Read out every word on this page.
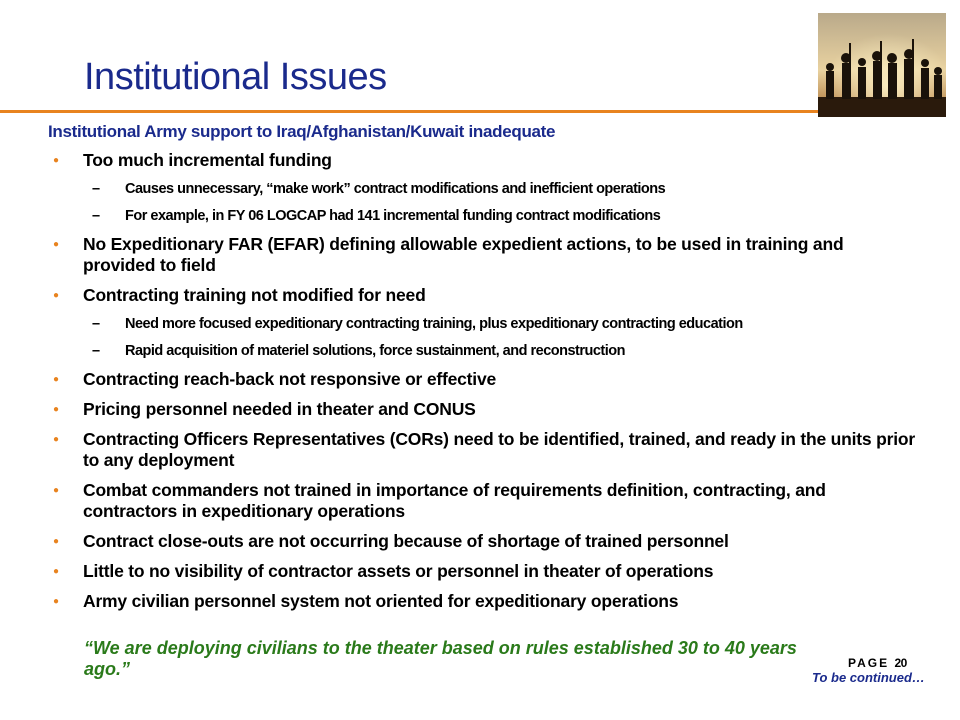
Institutional Issues
Institutional Army support to Iraq/Afghanistan/Kuwait inadequate
● Too much incremental funding
– Causes unnecessary, “make work” contract modifications and inefficient operations
– For example, in FY 06 LOGCAP had 141 incremental funding contract modifications
● No Expeditionary FAR (EFAR) defining allowable expedient actions, to be used in training and provided to field
● Contracting training not modified for need
– Need more focused expeditionary contracting training, plus expeditionary contracting education
– Rapid acquisition of materiel solutions, force sustainment, and reconstruction
● Contracting reach-back not responsive or effective
● Pricing personnel needed in theater and CONUS
● Contracting Officers Representatives (CORs) need to be identified, trained, and ready in the units prior to any deployment
● Combat commanders not trained in importance of requirements definition, contracting, and contractors in expeditionary operations
● Contract close-outs are not occurring because of shortage of trained personnel
● Little to no visibility of contractor assets or personnel in theater of operations
● Army civilian personnel system not oriented for expeditionary operations
“We are deploying civilians to the theater based on rules established 30 to 40 years ago.”	PAGE 20
To be continued…
